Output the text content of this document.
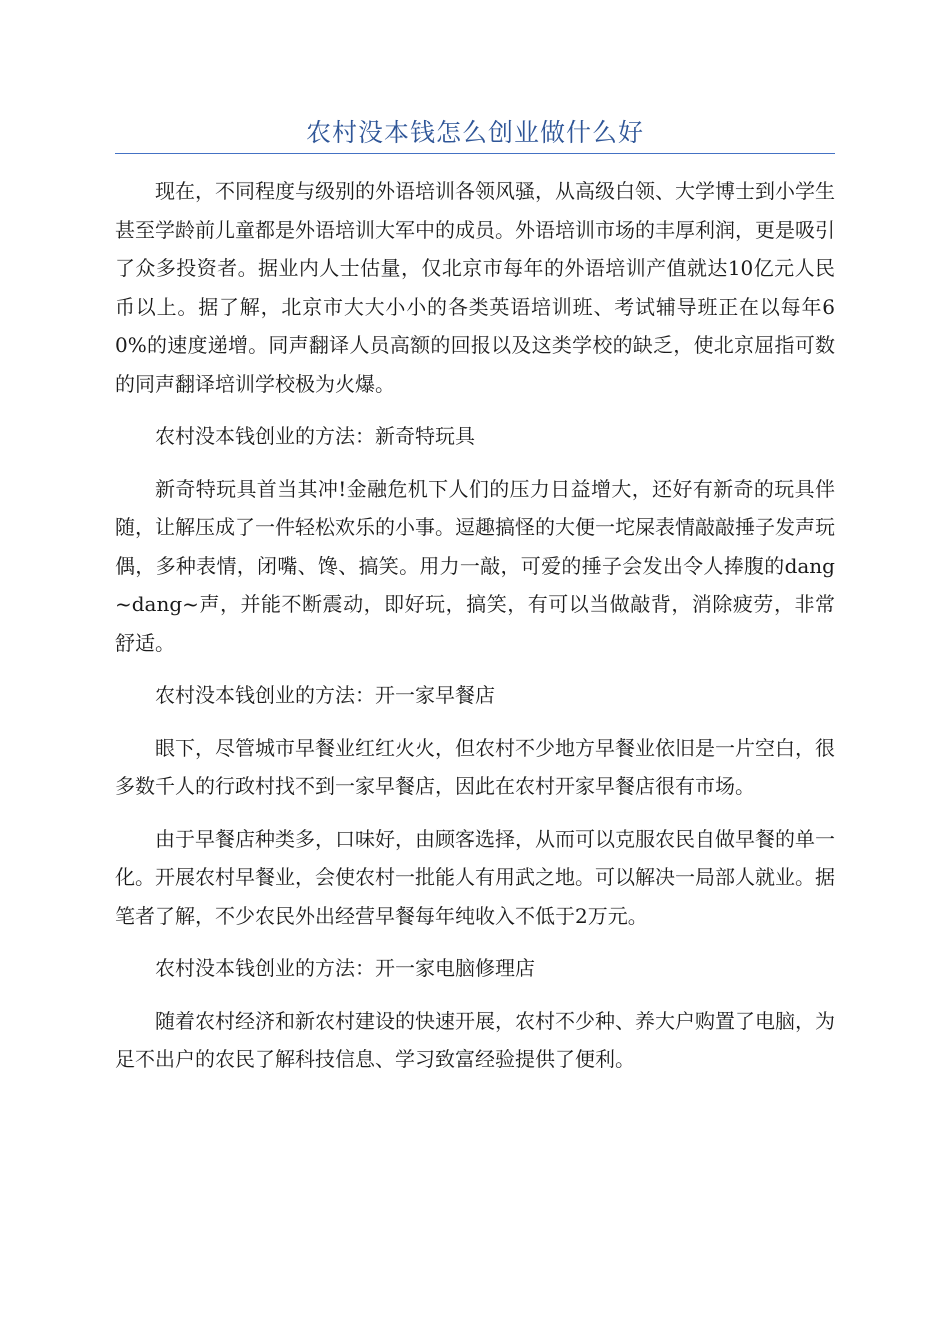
农村没本钱怎么创业做什么好

现在，不同程度与级别的外语培训各领风骚，从高级白领、大学博士到小学生甚至学龄前儿童都是外语培训大军中的成员。外语培训市场的丰厚利润，更是吸引了众多投资者。据业内人士估量，仅北京市每年的外语培训产值就达10亿元人民币以上。据了解，北京市大大小小的各类英语培训班、考试辅导班正在以每年60%的速度递增。同声翻译人员高额的回报以及这类学校的缺乏，使北京屈指可数的同声翻译培训学校极为火爆。

农村没本钱创业的方法：新奇特玩具

新奇特玩具首当其冲!金融危机下人们的压力日益增大，还好有新奇的玩具伴随，让解压成了一件轻松欢乐的小事。逗趣搞怪的大便一坨屎表情敲敲捶子发声玩偶，多种表情，闭嘴、馋、搞笑。用力一敲，可爱的捶子会发出令人捧腹的dang~dang~声，并能不断震动，即好玩，搞笑，有可以当做敲背，消除疲劳，非常舒适。

农村没本钱创业的方法：开一家早餐店

眼下，尽管城市早餐业红红火火，但农村不少地方早餐业依旧是一片空白，很多数千人的行政村找不到一家早餐店，因此在农村开家早餐店很有市场。

由于早餐店种类多，口味好，由顾客选择，从而可以克服农民自做早餐的单一化。开展农村早餐业，会使农村一批能人有用武之地。可以解决一局部人就业。据笔者了解，不少农民外出经营早餐每年纯收入不低于2万元。

农村没本钱创业的方法：开一家电脑修理店

随着农村经济和新农村建设的快速开展，农村不少种、养大户购置了电脑，为足不出户的农民了解科技信息、学习致富经验提供了便利。
